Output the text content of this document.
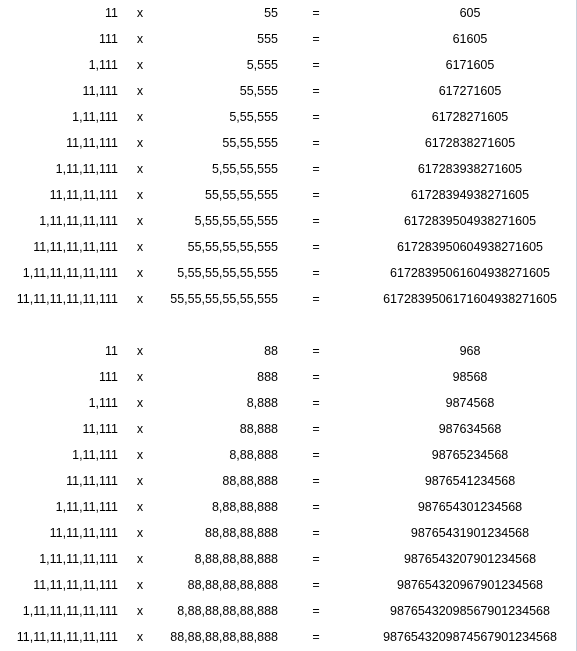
11	x	55	=	605
111	x	555	=	61605
1,111	x	5,555	=	6171605
11,111	x	55,555	=	617271605
1,11,111	x	5,55,555	=	61728271605
11,11,111	x	55,55,555	=	6172838271605
1,11,11,111	x	5,55,55,555	=	617283938271605
11,11,11,111	x	55,55,55,555	=	61728394938271605
1,11,11,11,111	x	5,55,55,55,555	=	6172839504938271605
11,11,11,11,111	x	55,55,55,55,555	=	617283950604938271605
1,11,11,11,11,111	x	5,55,55,55,55,555	=	61728395061604938271605
11,11,11,11,11,111	x	55,55,55,55,55,555	=	6172839506171604938271605
11	x	88	=	968
111	x	888	=	98568
1,111	x	8,888	=	9874568
11,111	x	88,888	=	987634568
1,11,111	x	8,88,888	=	98765234568
11,11,111	x	88,88,888	=	9876541234568
1,11,11,111	x	8,88,88,888	=	987654301234568
11,11,11,111	x	88,88,88,888	=	98765431901234568
1,11,11,11,111	x	8,88,88,88,888	=	9876543207901234568
11,11,11,11,111	x	88,88,88,88,888	=	987654320967901234568
1,11,11,11,11,111	x	8,88,88,88,88,888	=	98765432098567901234568
11,11,11,11,11,111	x	88,88,88,88,88,888	=	9876543209874567901234568
